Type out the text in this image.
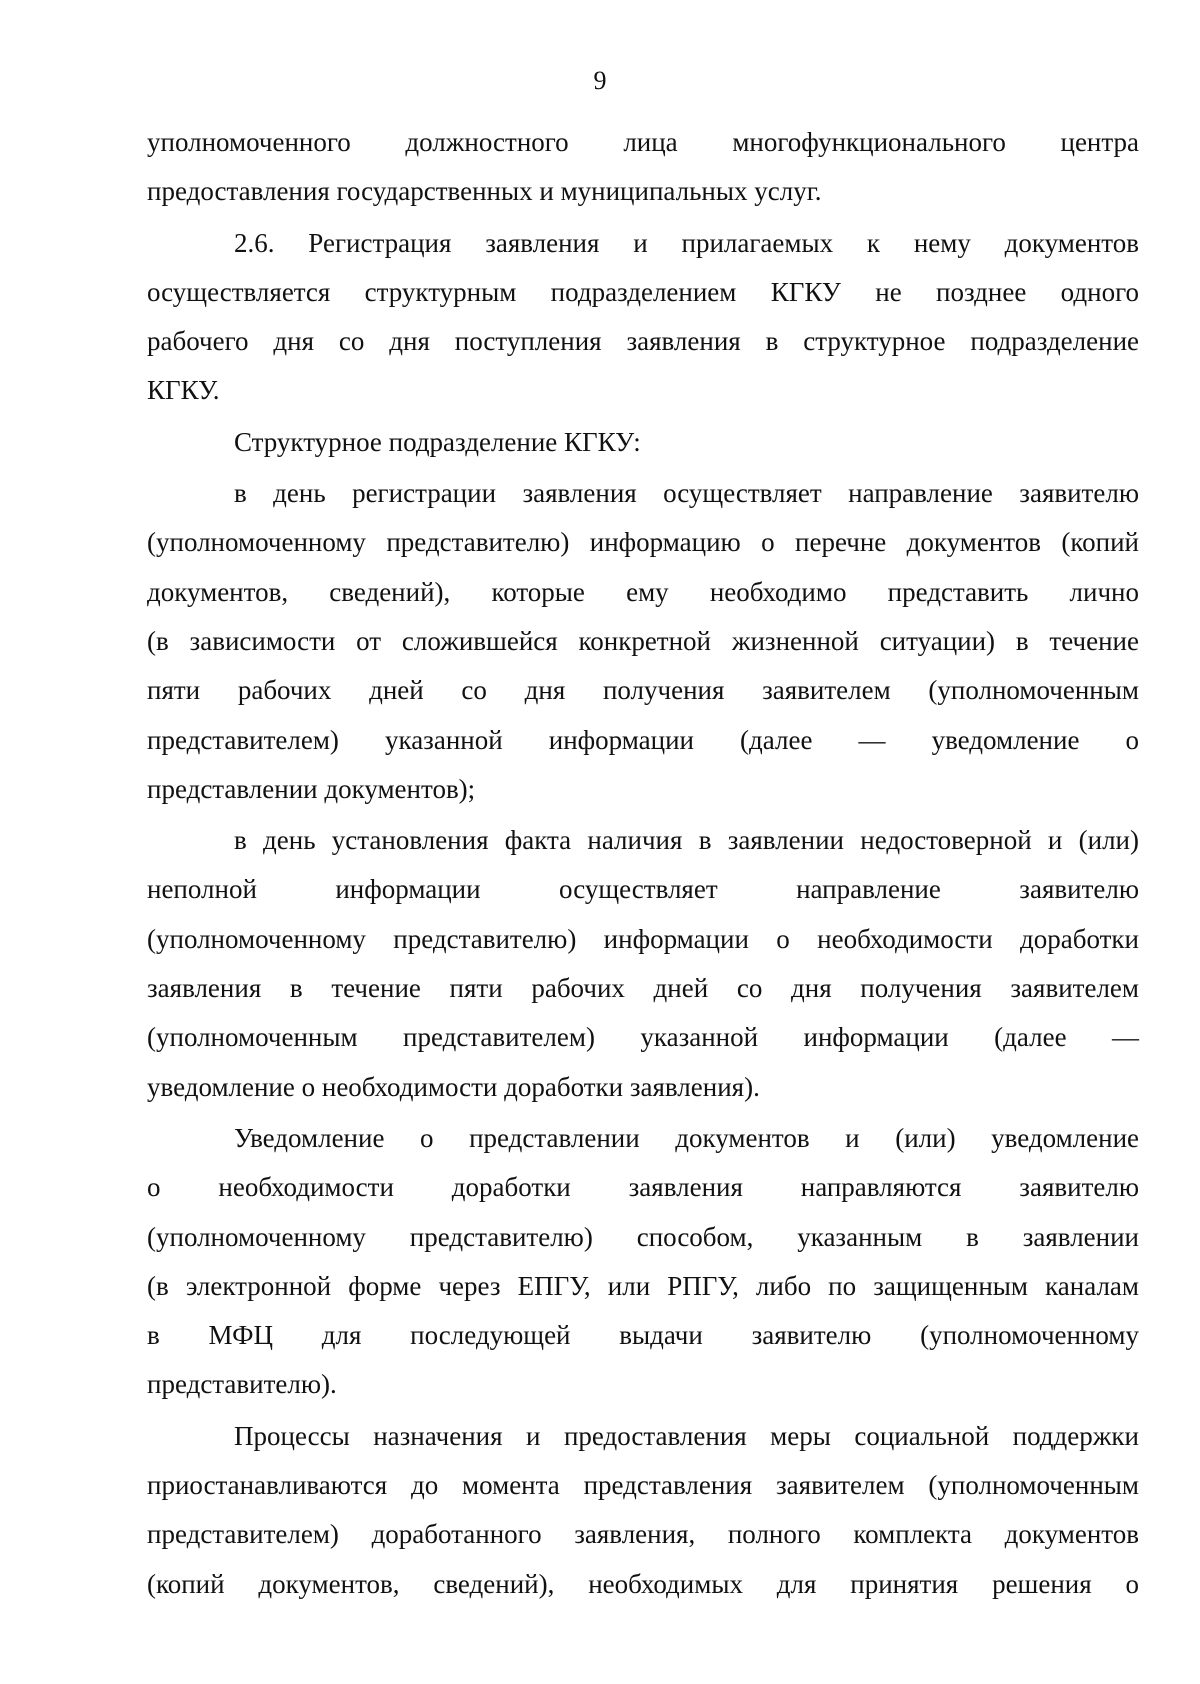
9
уполномоченного должностного лица многофункционального центра
предоставления государственных и муниципальных услуг.
2.6. Регистрация заявления и прилагаемых к нему документов
осуществляется структурным подразделением КГКУ не позднее одного
рабочего дня со дня поступления заявления в структурное подразделение
КГКУ.
Структурное подразделение КГКУ:
в день регистрации заявления осуществляет направление заявителю
(уполномоченному представителю) информацию о перечне документов (копий
документов, сведений), которые ему необходимо представить лично
(в зависимости от сложившейся конкретной жизненной ситуации) в течение
пяти рабочих дней со дня получения заявителем (уполномоченным
представителем) указанной информации (далее — уведомление о
представлении документов);
в день установления факта наличия в заявлении недостоверной и (или)
неполной информации осуществляет направление заявителю
(уполномоченному представителю) информации о необходимости доработки
заявления в течение пяти рабочих дней со дня получения заявителем
(уполномоченным представителем) указанной информации (далее —
уведомление о необходимости доработки заявления).
Уведомление о представлении документов и (или) уведомление
о необходимости доработки заявления направляются заявителю
(уполномоченному представителю) способом, указанным в заявлении
(в электронной форме через ЕПГУ, или РПГУ, либо по защищенным каналам
в МФЦ для последующей выдачи заявителю (уполномоченному
представителю).
Процессы назначения и предоставления меры социальной поддержки
приостанавливаются до момента представления заявителем (уполномоченным
представителем) доработанного заявления, полного комплекта документов
(копий документов, сведений), необходимых для принятия решения о
